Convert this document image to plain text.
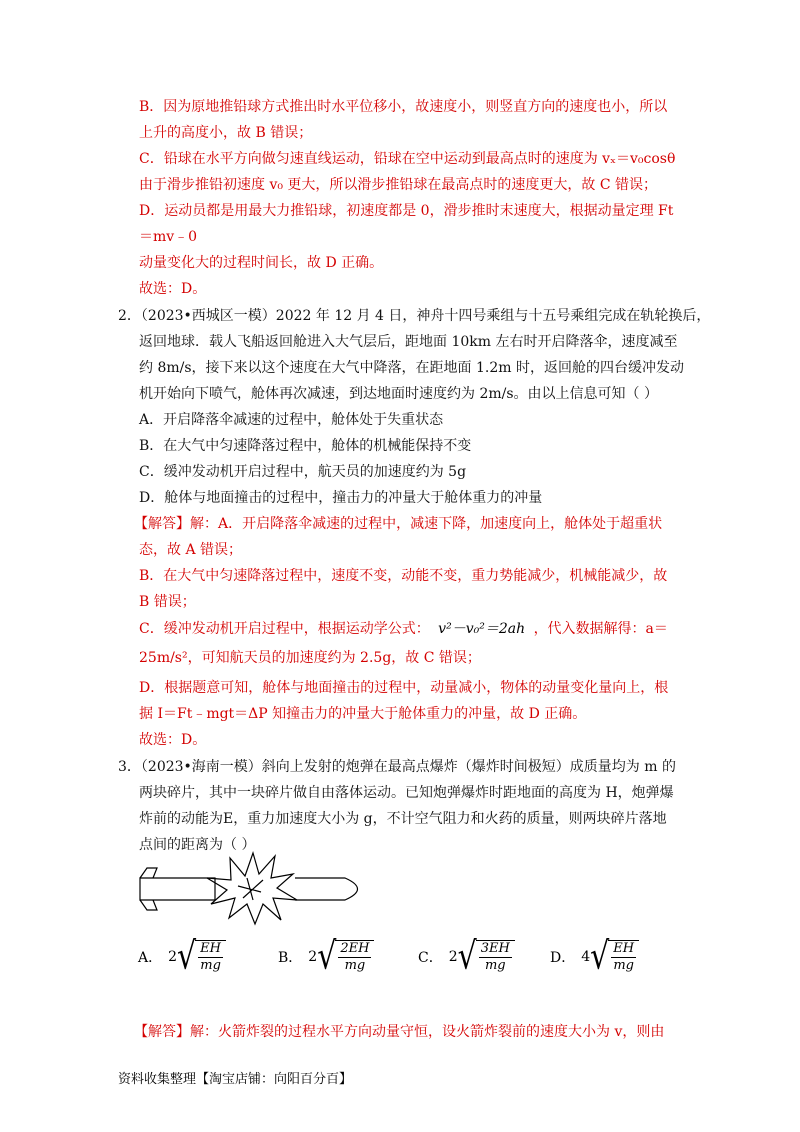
B．因为原地推铅球方式推出时水平位移小，故速度小，则竖直方向的速度也小，所以
上升的高度小，故 B 错误；
C．铅球在水平方向做匀速直线运动，铅球在空中运动到最高点时的速度为 vₓ＝v₀cosθ
由于滑步推铅初速度 v₀ 更大，所以滑步推铅球在最高点时的速度更大，故 C 错误；
D．运动员都是用最大力推铅球，初速度都是 0，滑步推时末速度大，根据动量定理 Ft
＝mv﹣0
动量变化大的过程时间长，故 D 正确。
故选：D。
2．（2023•西城区一模）2022 年 12 月 4 日，神舟十四号乘组与十五号乘组完成在轨轮换后，
返回地球．载人飞船返回舱进入大气层后，距地面 10km 左右时开启降落伞，速度减至
约 8m/s，接下来以这个速度在大气中降落，在距地面 1.2m 时，返回舱的四台缓冲发动
机开始向下喷气，舱体再次减速，到达地面时速度约为 2m/s。由以上信息可知（ ）
A．开启降落伞减速的过程中，舱体处于失重状态
B．在大气中匀速降落过程中，舱体的机械能保持不变
C．缓冲发动机开启过程中，航天员的加速度约为 5g
D．舱体与地面撞击的过程中，撞击力的冲量大于舱体重力的冲量
【解答】解：A．开启降落伞减速的过程中，减速下降，加速度向上，舱体处于超重状
态，故 A 错误；
B．在大气中匀速降落过程中，速度不变，动能不变，重力势能减少，机械能减少，故
B 错误；
D．根据题意可知，舱体与地面撞击的过程中，动量减小，物体的动量变化量向上，根
据 I＝Ft﹣mgt＝ΔP 知撞击力的冲量大于舱体重力的冲量，故 D 正确。
故选：D。
3．（2023•海南一模）斜向上发射的炮弹在最高点爆炸（爆炸时间极短）成质量均为 m 的
两块碎片，其中一块碎片做自由落体运动。已知炮弹爆炸时距地面的高度为 H，炮弹爆
炸前的动能为E，重力加速度大小为 g，不计空气阻力和火药的质量，则两块碎片落地
点间的距离为（ ）
【解答】解：火箭炸裂的过程水平方向动量守恒，设火箭炸裂前的速度大小为 v，则由
C．缓冲发动机开启过程中，根据运动学公式： v²－v₀²＝2ah ，代入数据解得：a＝
25m/s²，可知航天员的加速度约为 2.5g，故 C 错误；
A． 2 √ $\frac{EH}{mg}$	B． 2 √ $\frac{2EH}{mg}$	C． 2 √ $\frac{3EH}{mg}$	D． 4 √ $\frac{EH}{mg}$
资料收集整理【淘宝店铺：向阳百分百】
